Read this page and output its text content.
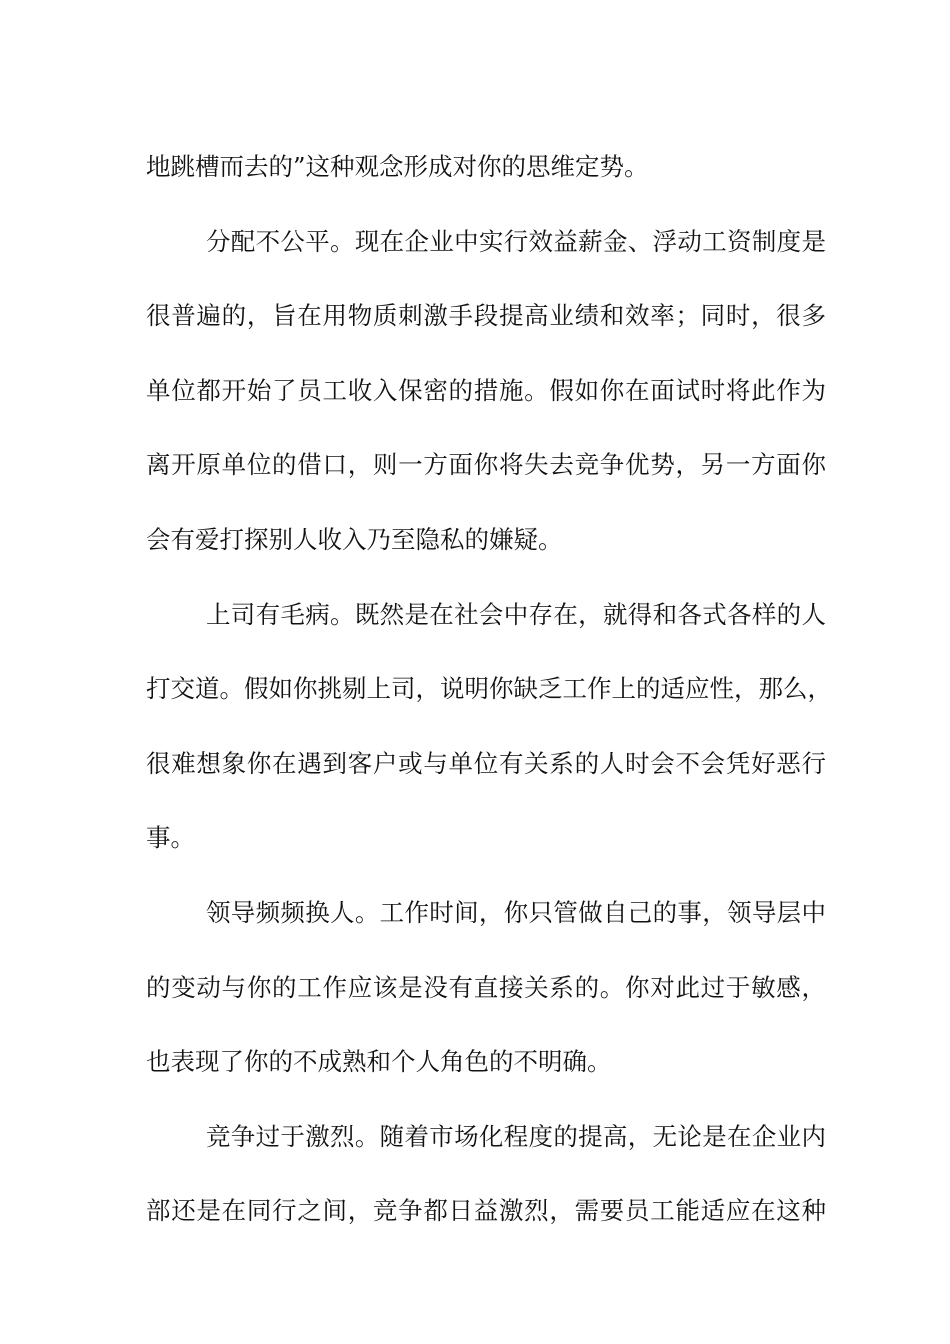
地跳槽而去的”这种观念形成对你的思维定势。
分配不公平。现在企业中实行效益薪金、浮动工资制度是
很普遍的，旨在用物质刺激手段提高业绩和效率；同时，很多
单位都开始了员工收入保密的措施。假如你在面试时将此作为
离开原单位的借口，则一方面你将失去竞争优势，另一方面你
会有爱打探别人收入乃至隐私的嫌疑。
上司有毛病。既然是在社会中存在，就得和各式各样的人
打交道。假如你挑剔上司，说明你缺乏工作上的适应性，那么，
很难想象你在遇到客户或与单位有关系的人时会不会凭好恶行
事。
领导频频换人。工作时间，你只管做自己的事，领导层中
的变动与你的工作应该是没有直接关系的。你对此过于敏感，
也表现了你的不成熟和个人角色的不明确。
竞争过于激烈。随着市场化程度的提高，无论是在企业内
部还是在同行之间，竞争都日益激烈，需要员工能适应在这种
